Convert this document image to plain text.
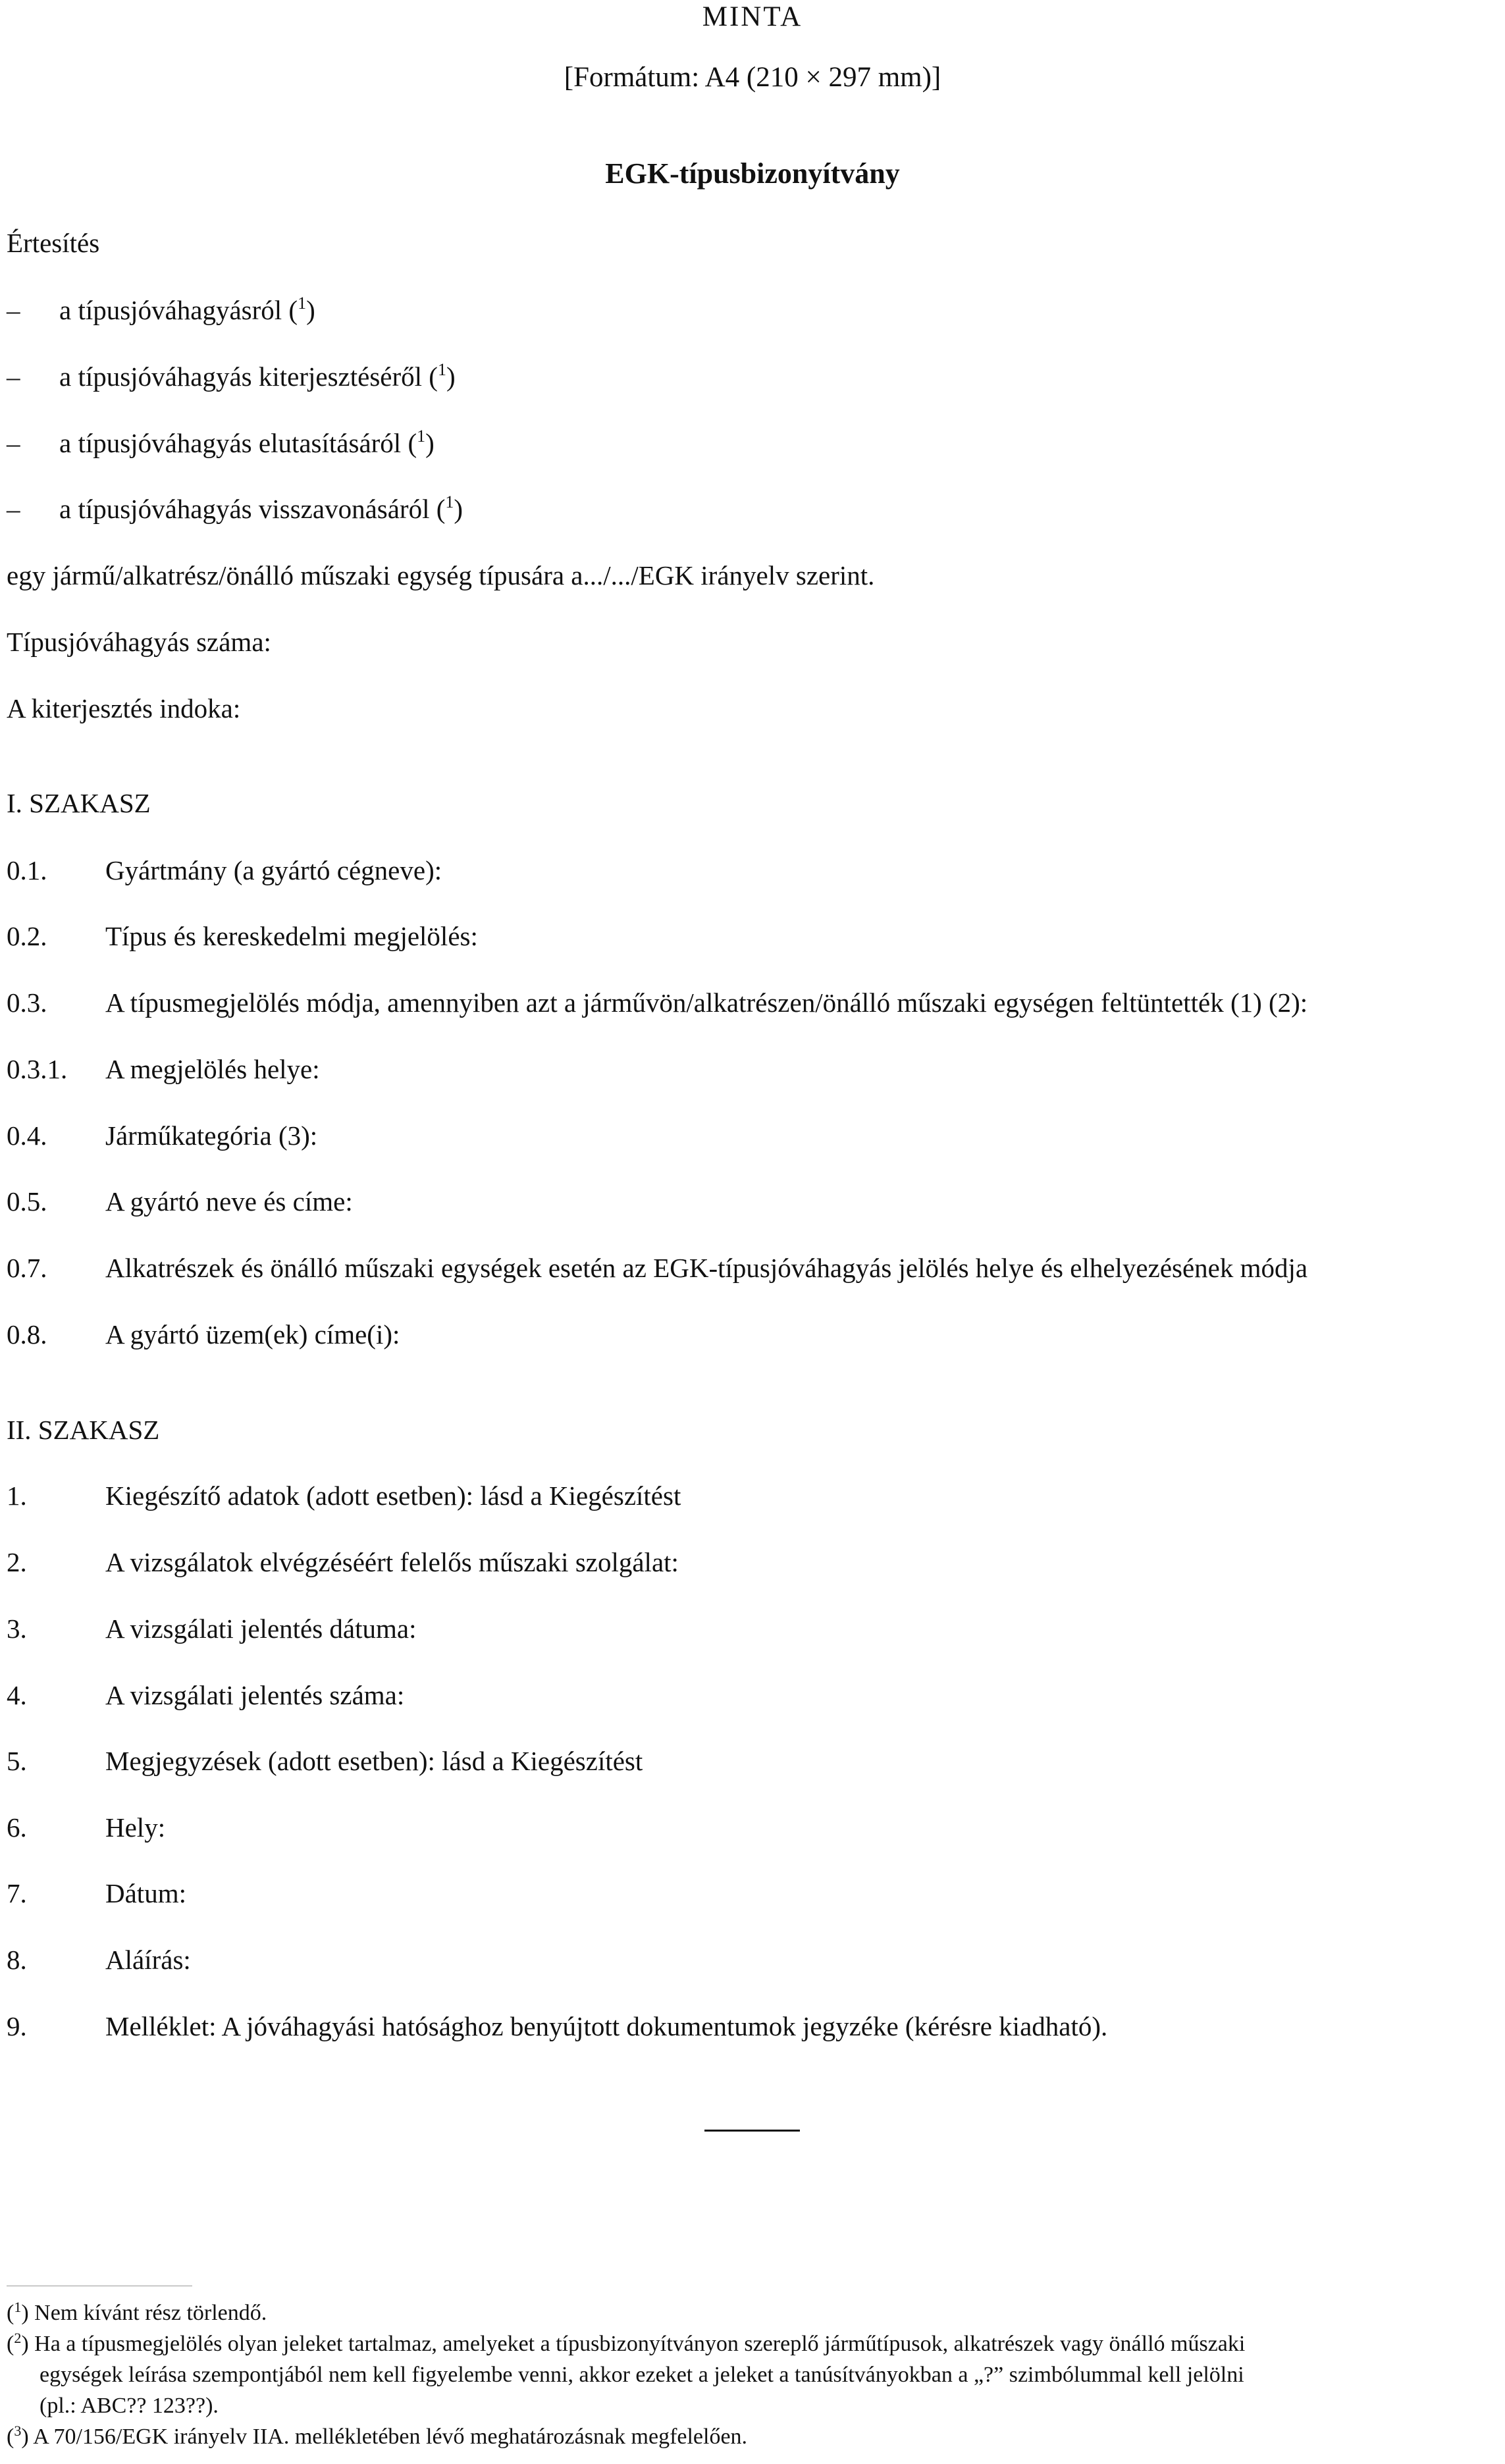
MINTA
[Formátum: A4 (210 × 297 mm)]
EGK-típusbizonyítvány
Értesítés
– a típusjóváhagyásról ($^1$)
– a típusjóváhagyás kiterjesztéséről ($^1$)
– a típusjóváhagyás elutasításáról ($^1$)
– a típusjóváhagyás visszavonásáról ($^1$)
egy jármű/alkatrész/önálló műszaki egység típusára a.../.../EGK irányelv szerint.
Típusjóváhagyás száma:
A kiterjesztés indoka:
I. SZAKASZ
0.1. Gyártmány (a gyártó cégneve):
0.2. Típus és kereskedelmi megjelölés:
0.3. A típusmegjelölés módja, amennyiben azt a járművön/alkatrészen/önálló műszaki egységen feltüntették (1) (2):
0.3.1. A megjelölés helye:
0.4. Járműkategória (3):
0.5. A gyártó neve és címe:
0.7. Alkatrészek és önálló műszaki egységek esetén az EGK-típusjóváhagyás jelölés helye és elhelyezésének módja
0.8. A gyártó üzem(ek) címe(i):
II. SZAKASZ
1.	Kiegészítő adatok (adott esetben): lásd a Kiegészítést
2.	A vizsgálatok elvégzéséért felelős műszaki szolgálat:
3.	A vizsgálati jelentés dátuma:
4.	A vizsgálati jelentés száma:
5.	Megjegyzések (adott esetben): lásd a Kiegészítést
6.	Hely:
7.	Dátum:
8.	Aláírás:
9.	Melléklet: A jóváhagyási hatósághoz benyújtott dokumentumok jegyzéke (kérésre kiadható).
($^1$) Nem kívánt rész törlendő.
($^2$) Ha a típusmegjelölés olyan jeleket tartalmaz, amelyeket a típusbizonyítványon szereplő járműtípusok, alkatrészek vagy önálló műszaki
egységek leírása szempontjából nem kell figyelembe venni, akkor ezeket a jeleket a tanúsítványokban a „?” szimbólummal kell jelölni
(pl.: ABC?? 123??).
($^3$) A 70/156/EGK irányelv IIA. mellékletében lévő meghatározásnak megfelelően.
